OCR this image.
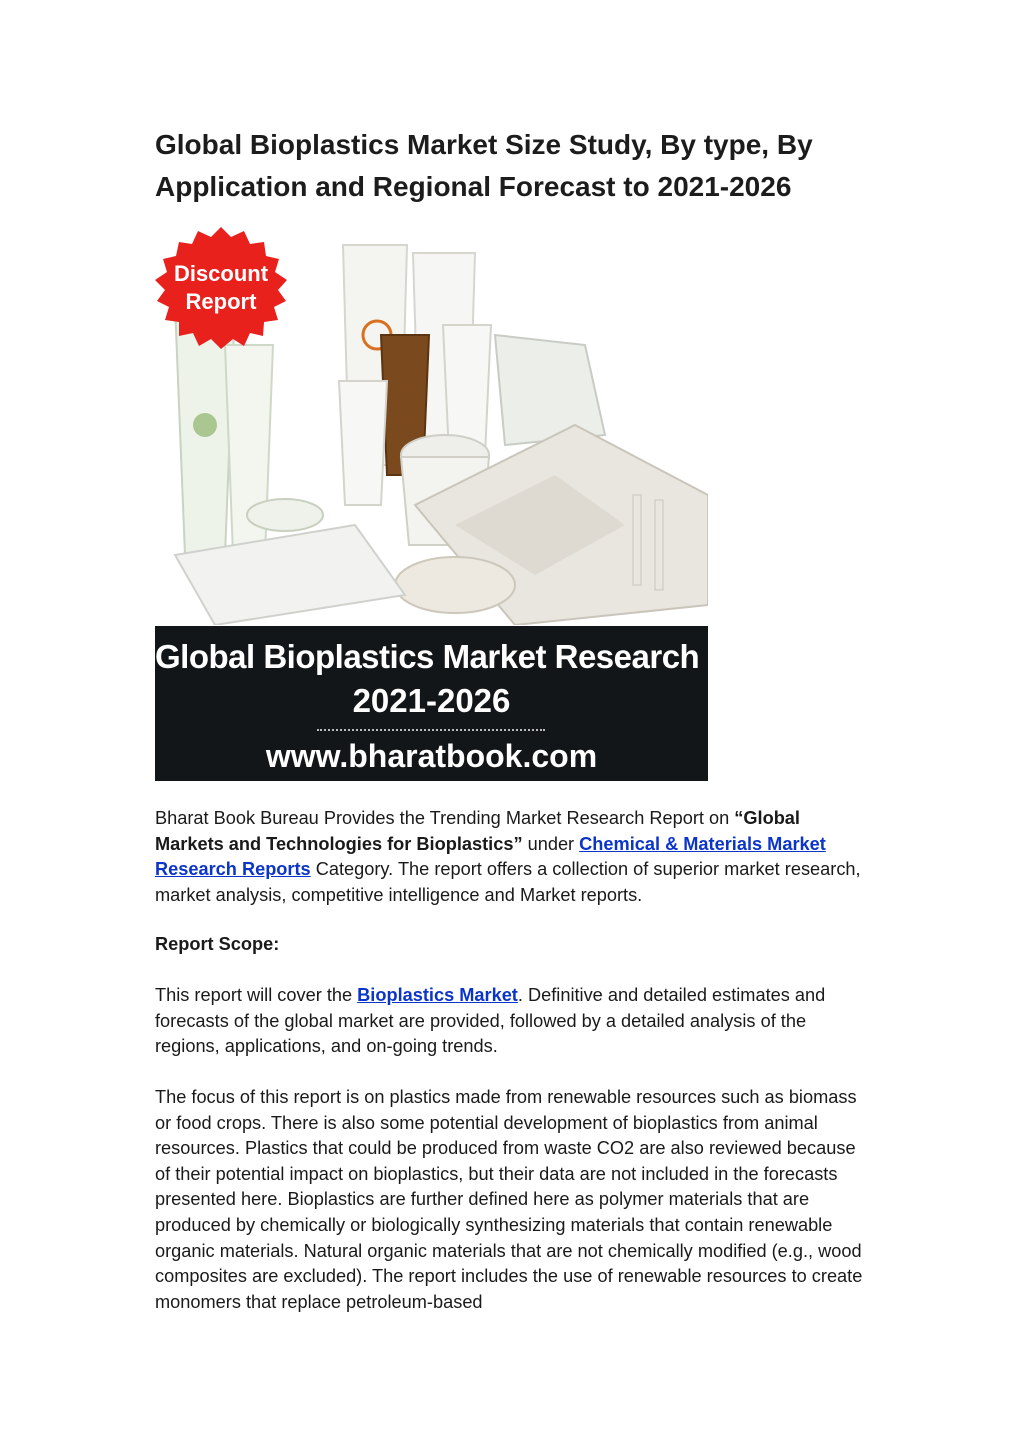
Global Bioplastics Market Size Study, By type, By Application and Regional Forecast to 2021-2026
Discount
Report
Global Bioplastics Market Research Report
2021-2026
www.bharatbook.com

Bharat Book Bureau Provides the Trending Market Research Report on “Global Markets and Technologies for Bioplastics” under Chemical & Materials Market Research Reports Category. The report offers a collection of superior market research, market analysis, competitive intelligence and Market reports.

Report Scope:

This report will cover the Bioplastics Market. Definitive and detailed estimates and forecasts of the global market are provided, followed by a detailed analysis of the regions, applications, and on-going trends.

The focus of this report is on plastics made from renewable resources such as biomass or food crops. There is also some potential development of bioplastics from animal resources. Plastics that could be produced from waste CO2 are also reviewed because of their potential impact on bioplastics, but their data are not included in the forecasts presented here. Bioplastics are further defined here as polymer materials that are produced by chemically or biologically synthesizing materials that contain renewable organic materials. Natural organic materials that are not chemically modified (e.g., wood composites are excluded). The report includes the use of renewable resources to create monomers that replace petroleum-based
